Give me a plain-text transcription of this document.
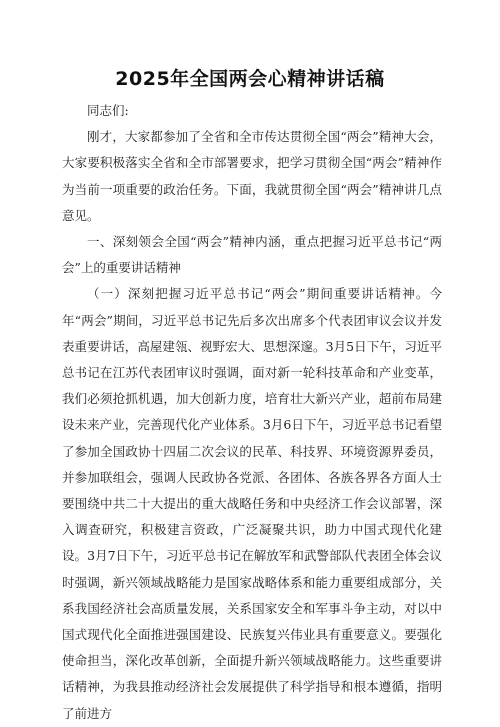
2025年全国两会心精神讲话稿

同志们:

刚才，大家都参加了全省和全市传达贯彻全国“两会”精神大会，大家要积极落实全省和全市部署要求，把学习贯彻全国“两会”精神作为当前一项重要的政治任务。下面，我就贯彻全国“两会”精神讲几点意见。

一、深刻领会全国“两会”精神内涵，重点把握习近平总书记“两会”上的重要讲话精神

（一）深刻把握习近平总书记“两会”期间重要讲话精神。今年“两会”期间，习近平总书记先后多次出席多个代表团审议会议并发表重要讲话，高屋建瓴、视野宏大、思想深邃。3月5日下午，习近平总书记在江苏代表团审议时强调，面对新一轮科技革命和产业变革，我们必须抢抓机遇，加大创新力度，培育壮大新兴产业，超前布局建设未来产业，完善现代化产业体系。3月6日下午，习近平总书记看望了参加全国政协十四届二次会议的民革、科技界、环境资源界委员，并参加联组会，强调人民政协各党派、各团体、各族各界各方面人士要围绕中共二十大提出的重大战略任务和中央经济工作会议部署，深入调查研究，积极建言资政，广泛凝聚共识，助力中国式现代化建设。3月7日下午，习近平总书记在解放军和武警部队代表团全体会议时强调，新兴领域战略能力是国家战略体系和能力重要组成部分，关系我国经济社会高质量发展，关系国家安全和军事斗争主动，对以中国式现代化全面推进强国建设、民族复兴伟业具有重要意义。要强化使命担当，深化改革创新，全面提升新兴领域战略能力。这些重要讲话精神，为我县推动经济社会发展提供了科学指导和根本遵循，指明了前进方
